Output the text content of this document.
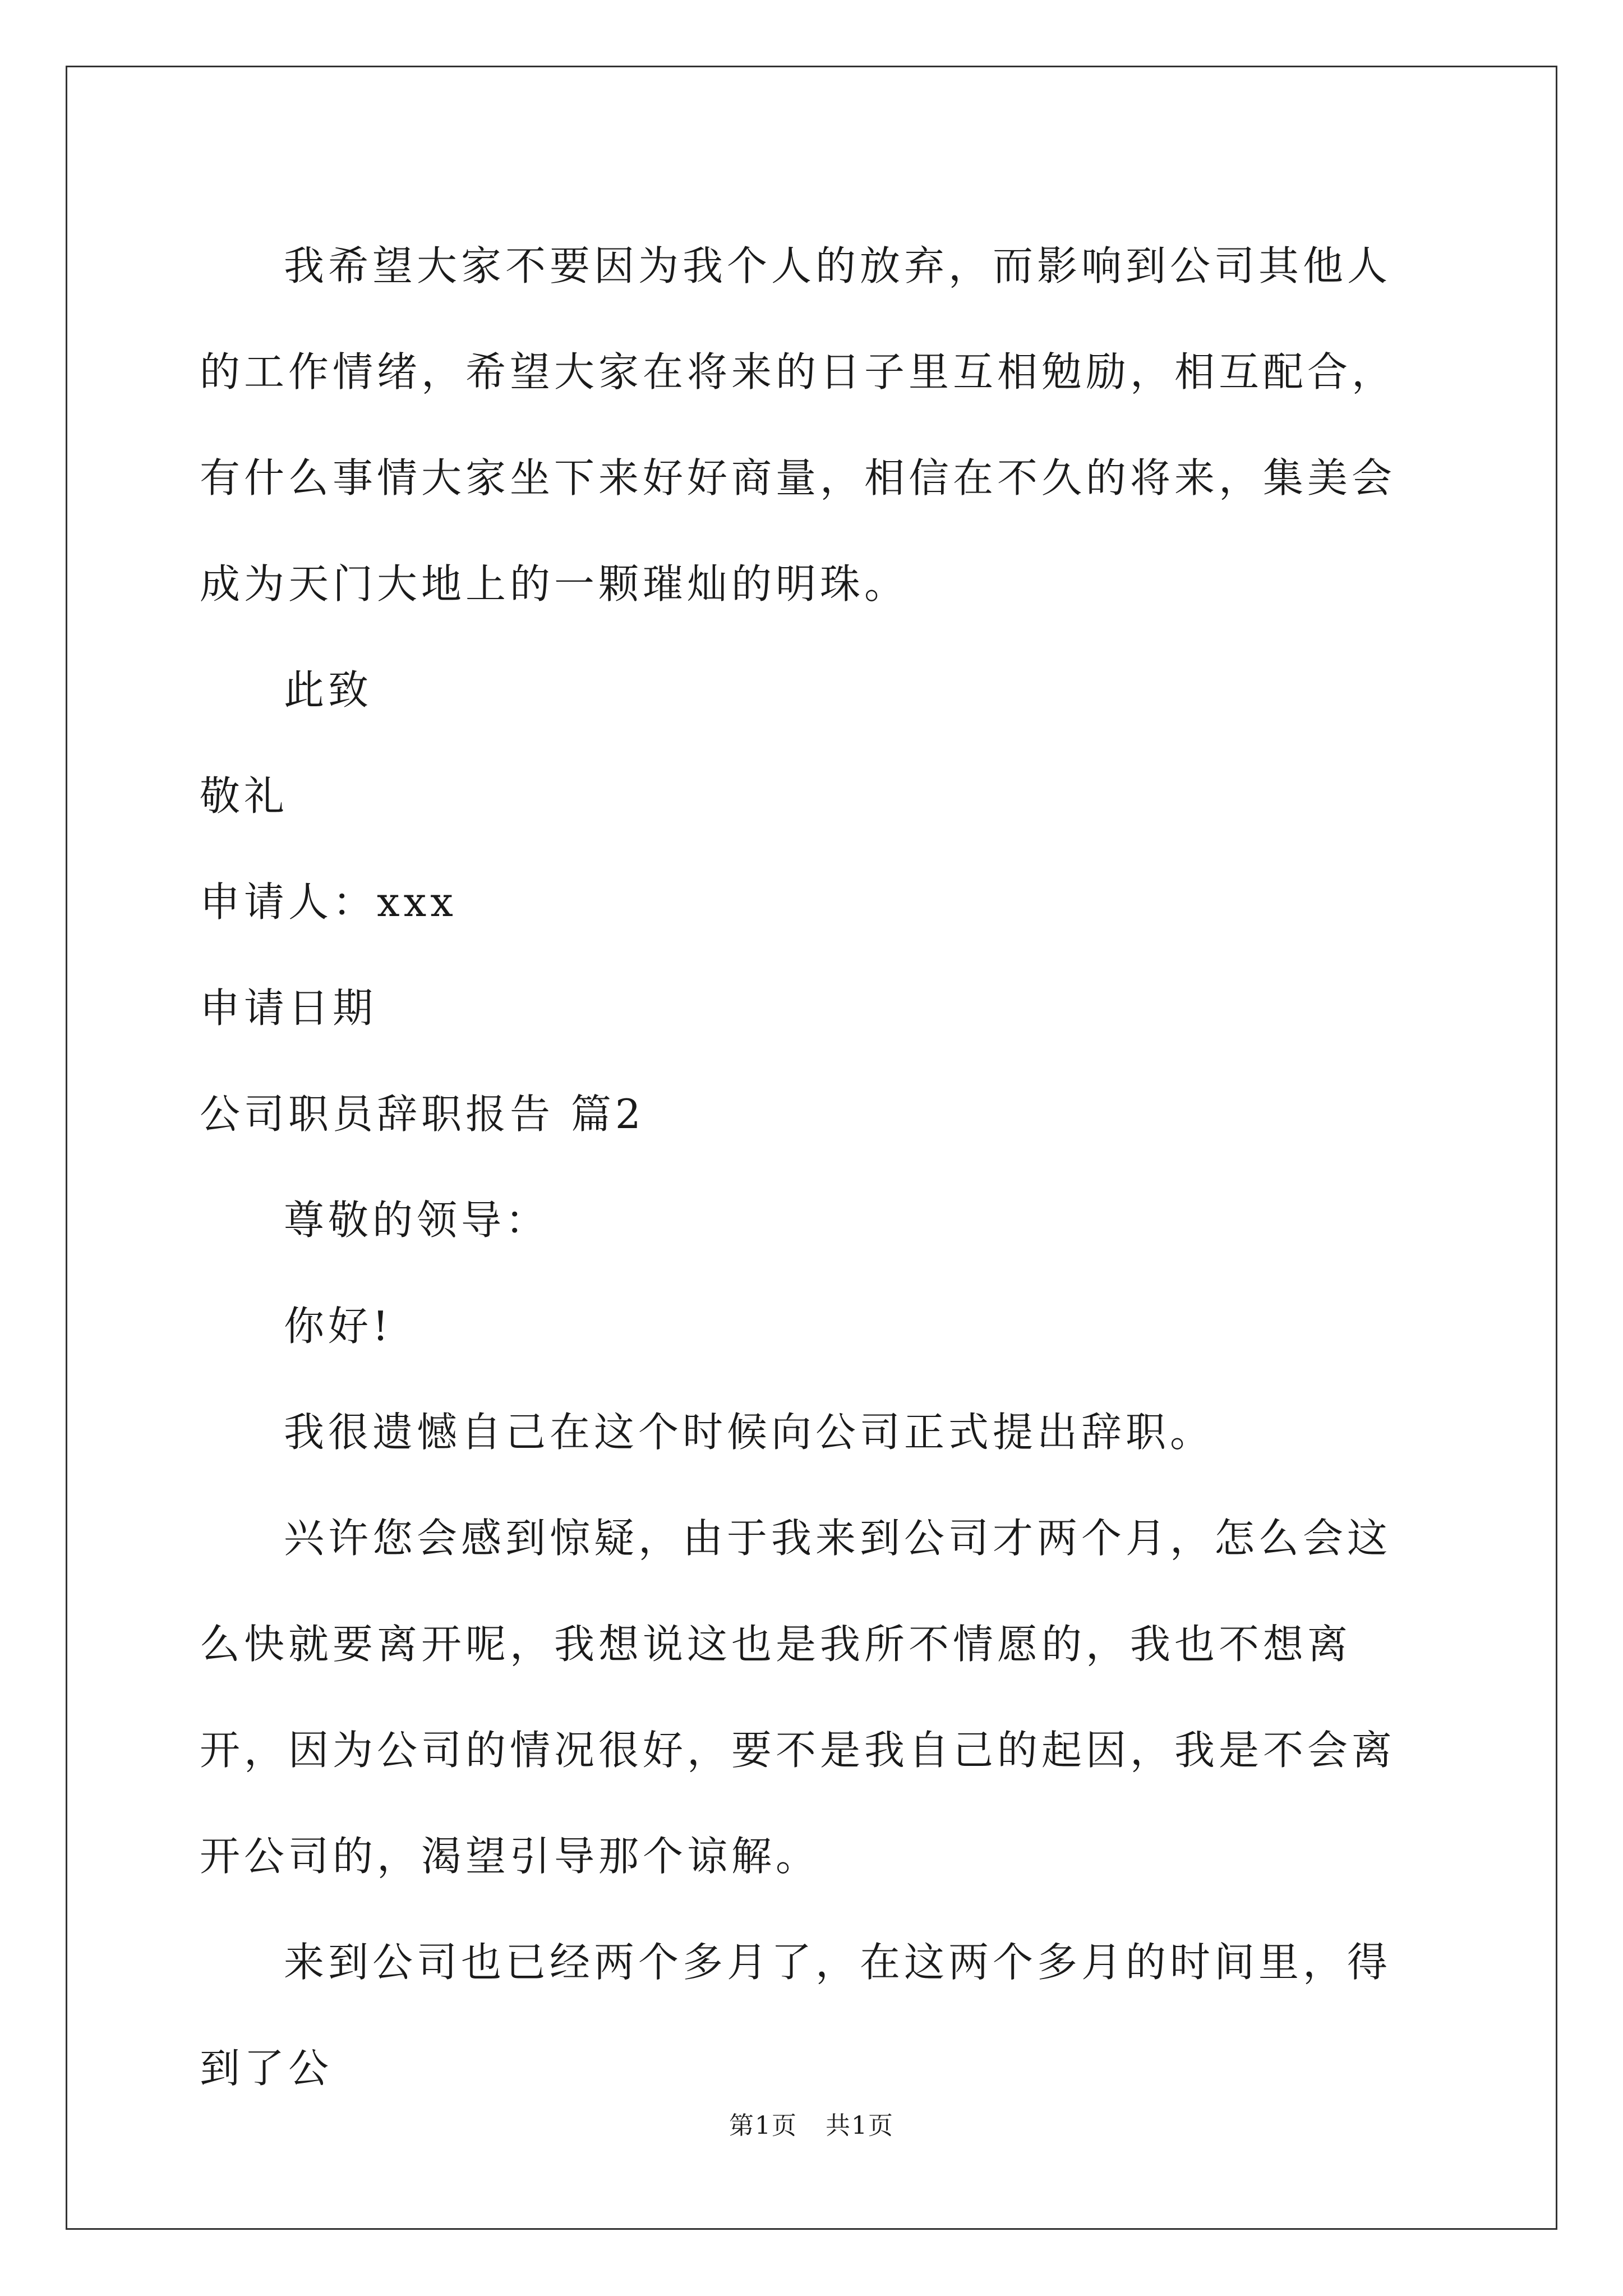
我希望大家不要因为我个人的放弃，而影响到公司其他人的工作情绪，希望大家在将来的日子里互相勉励，相互配合，有什么事情大家坐下来好好商量，相信在不久的将来，集美会成为天门大地上的一颗璀灿的明珠。

此致

敬礼

申请人：xxx

申请日期

公司职员辞职报告 篇2

尊敬的领导：

你好!

我很遗憾自己在这个时候向公司正式提出辞职。

兴许您会感到惊疑，由于我来到公司才两个月，怎么会这么快就要离开呢，我想说这也是我所不情愿的，我也不想离开，因为公司的情况很好，要不是我自己的起因，我是不会离开公司的，渴望引导那个谅解。

来到公司也已经两个多月了，在这两个多月的时间里，得到了公

第1页 共1页
